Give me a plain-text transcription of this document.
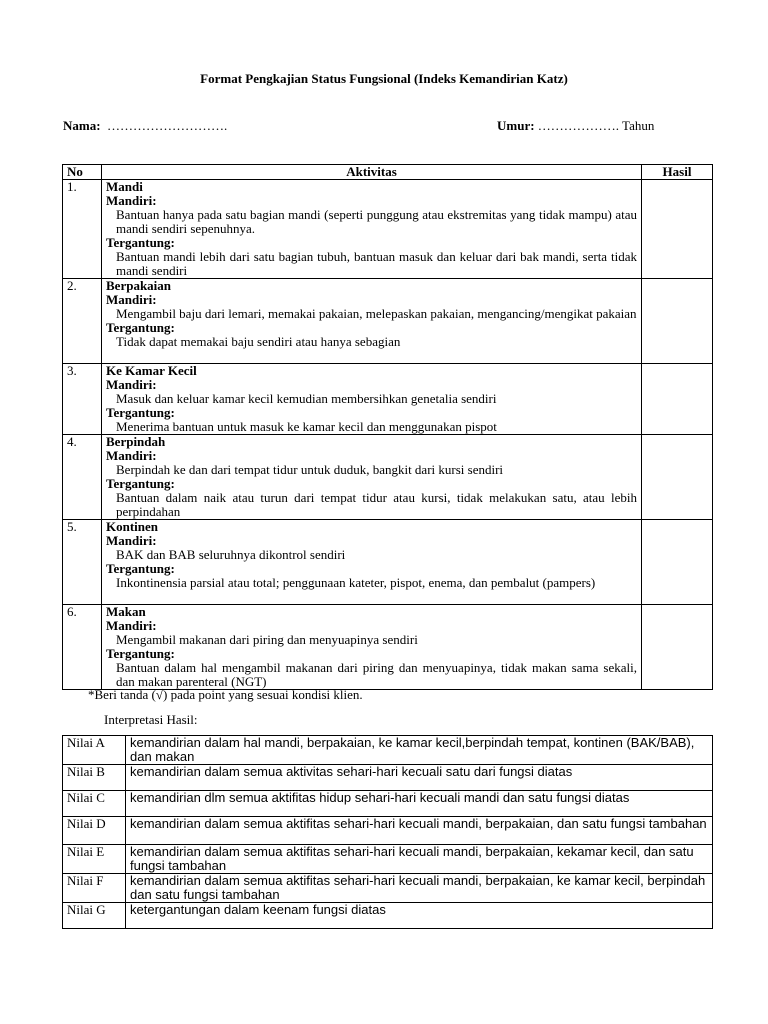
Format Pengkajian Status Fungsional (Indeks Kemandirian Katz)
Nama: ……………………….	Umur: ………………. Tahun
No	Aktivitas	Hasil
1.	Mandi
Mandiri:
Bantuan hanya pada satu bagian mandi (seperti punggung atau ekstremitas yang tidak mampu) atau mandi sendiri sepenuhnya.
Tergantung:
Bantuan mandi lebih dari satu bagian tubuh, bantuan masuk dan keluar dari bak mandi, serta tidak mandi sendiri	

2.	Berpakaian
Mandiri:
Mengambil baju dari lemari, memakai pakaian, melepaskan pakaian, mengancing/mengikat pakaian
Tergantung:
Tidak dapat memakai baju sendiri atau hanya sebagian	

3.	Ke Kamar Kecil
Mandiri:
Masuk dan keluar kamar kecil kemudian membersihkan genetalia sendiri
Tergantung:
Menerima bantuan untuk masuk ke kamar kecil dan menggunakan pispot	

4.	Berpindah
Mandiri:
Berpindah ke dan dari tempat tidur untuk duduk, bangkit dari kursi sendiri
Tergantung:
Bantuan dalam naik atau turun dari tempat tidur atau kursi, tidak melakukan satu, atau lebih perpindahan	

5.	Kontinen
Mandiri:
BAK dan BAB seluruhnya dikontrol sendiri
Tergantung:
Inkontinensia parsial atau total; penggunaan kateter, pispot, enema, dan pembalut (pampers)	

6.	Makan
Mandiri:
Mengambil makanan dari piring dan menyuapinya sendiri
Tergantung:
Bantuan dalam hal mengambil makanan dari piring dan menyuapinya, tidak makan sama sekali, dan makan parenteral (NGT)	

*Beri tanda (√) pada point yang sesuai kondisi klien.
Interpretasi Hasil:
Nilai A	kemandirian dalam hal mandi, berpakaian, ke kamar kecil,berpindah tempat, kontinen (BAK/BAB), dan makan
Nilai B	kemandirian dalam semua aktivitas sehari-hari kecuali satu dari fungsi diatas
Nilai C	kemandirian dlm semua aktifitas hidup sehari-hari kecuali mandi dan satu fungsi diatas
Nilai D	kemandirian dalam semua aktifitas sehari-hari kecuali mandi, berpakaian, dan satu fungsi tambahan
Nilai E	kemandirian dalam semua aktifitas sehari-hari kecuali mandi, berpakaian, kekamar kecil, dan satu fungsi tambahan
Nilai F	kemandirian dalam semua aktifitas sehari-hari kecuali mandi, berpakaian, ke kamar kecil, berpindah dan satu fungsi tambahan
Nilai G	ketergantungan dalam keenam fungsi diatas
